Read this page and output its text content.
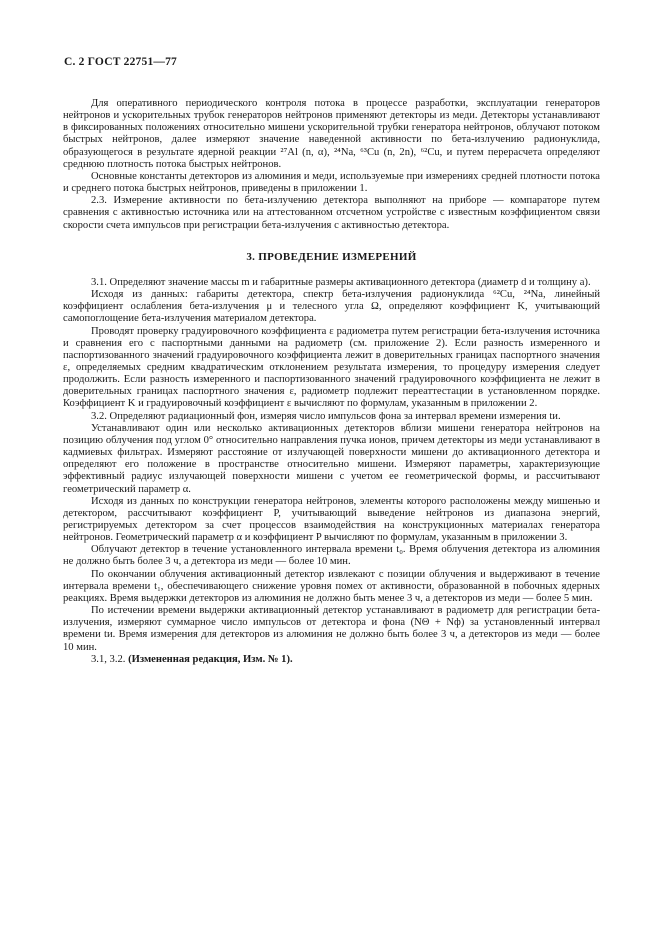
С. 2 ГОСТ 22751—77

Для оперативного периодического контроля потока в процессе разработки, эксплуатации генераторов нейтронов и ускорительных трубок генераторов нейтронов применяют детекторы из меди. Детекторы устанавливают в фиксированных положениях относительно мишени ускорительной трубки генератора нейтронов, облучают потоком быстрых нейтронов, далее измеряют значение наведенной активности по бета-излучению радионуклида, образующегося в результате ядерной реакции ²⁷Al (n, α), ²⁴Na, ⁶³Cu (n, 2n), ⁶²Cu, и путем перерасчета определяют среднюю плотность потока быстрых нейтронов.

Основные константы детекторов из алюминия и меди, используемые при измерениях средней плотности потока и среднего потока быстрых нейтронов, приведены в приложении 1.

2.3. Измерение активности по бета-излучению детектора выполняют на приборе — компараторе путем сравнения с активностью источника или на аттестованном отсчетном устройстве с известным коэффициентом связи скорости счета импульсов при регистрации бета-излучения с активностью детектора.

3. ПРОВЕДЕНИЕ ИЗМЕРЕНИЙ

3.1. Определяют значение массы m и габаритные размеры активационного детектора (диаметр d и толщину a).

Исходя из данных: габариты детектора, спектр бета-излучения радионуклида ⁶²Cu, ²⁴Na, линейный коэффициент ослабления бета-излучения μ и телесного угла Ω, определяют коэффициент K, учитывающий самопоглощение бета-излучения материалом детектора.

Проводят проверку градуировочного коэффициента ε радиометра путем регистрации бета-излучения источника и сравнения его с паспортными данными на радиометр (см. приложение 2). Если разность измеренного и паспортизованного значений градуировочного коэффициента лежит в доверительных границах паспортного значения ε, определяемых средним квадратическим отклонением результата измерения, то процедуру измерения следует продолжить. Если разность измеренного и паспортизованного значений градуировочного коэффициента не лежит в доверительных границах паспортного значения ε, радиометр подлежит переаттестации в установленном порядке. Коэффициент K и градуировочный коэффициент ε вычисляют по формулам, указанным в приложении 2.

3.2. Определяют радиационный фон, измеряя число импульсов фона за интервал времени измерения tи.

Устанавливают один или несколько активационных детекторов вблизи мишени генератора нейтронов на позицию облучения под углом 0° относительно направления пучка ионов, причем детекторы из меди устанавливают в кадмиевых фильтрах. Измеряют расстояние от излучающей поверхности мишени до активационного детектора и определяют его положение в пространстве относительно мишени. Измеряют параметры, характеризующие эффективный радиус излучающей поверхности мишени с учетом ее геометрической формы, и рассчитывают геометрический параметр α.

Исходя из данных по конструкции генератора нейтронов, элементы которого расположены между мишенью и детектором, рассчитывают коэффициент P, учитывающий выведение нейтронов из диапазона энергий, регистрируемых детектором за счет процессов взаимодействия на конструкционных материалах генератора нейтронов. Геометрический параметр α и коэффициент P вычисляют по формулам, указанным в приложении 3.

Облучают детектор в течение установленного интервала времени t₀. Время облучения детектора из алюминия не должно быть более 3 ч, а детектора из меди — более 10 мин.

По окончании облучения активационный детектор извлекают с позиции облучения и выдерживают в течение интервала времени t₁, обеспечивающего снижение уровня помех от активности, образованной в побочных ядерных реакциях. Время выдержки детекторов из алюминия не должно быть менее 3 ч, а детекторов из меди — более 5 мин.

По истечении времени выдержки активационный детектор устанавливают в радиометр для регистрации бета-излучения, измеряют суммарное число импульсов от детектора и фона (NΘ + Nф) за установленный интервал времени tи. Время измерения для детекторов из алюминия не должно быть более 3 ч, а детекторов из меди — более 10 мин.

3.1, 3.2. (Измененная редакция, Изм. № 1).
